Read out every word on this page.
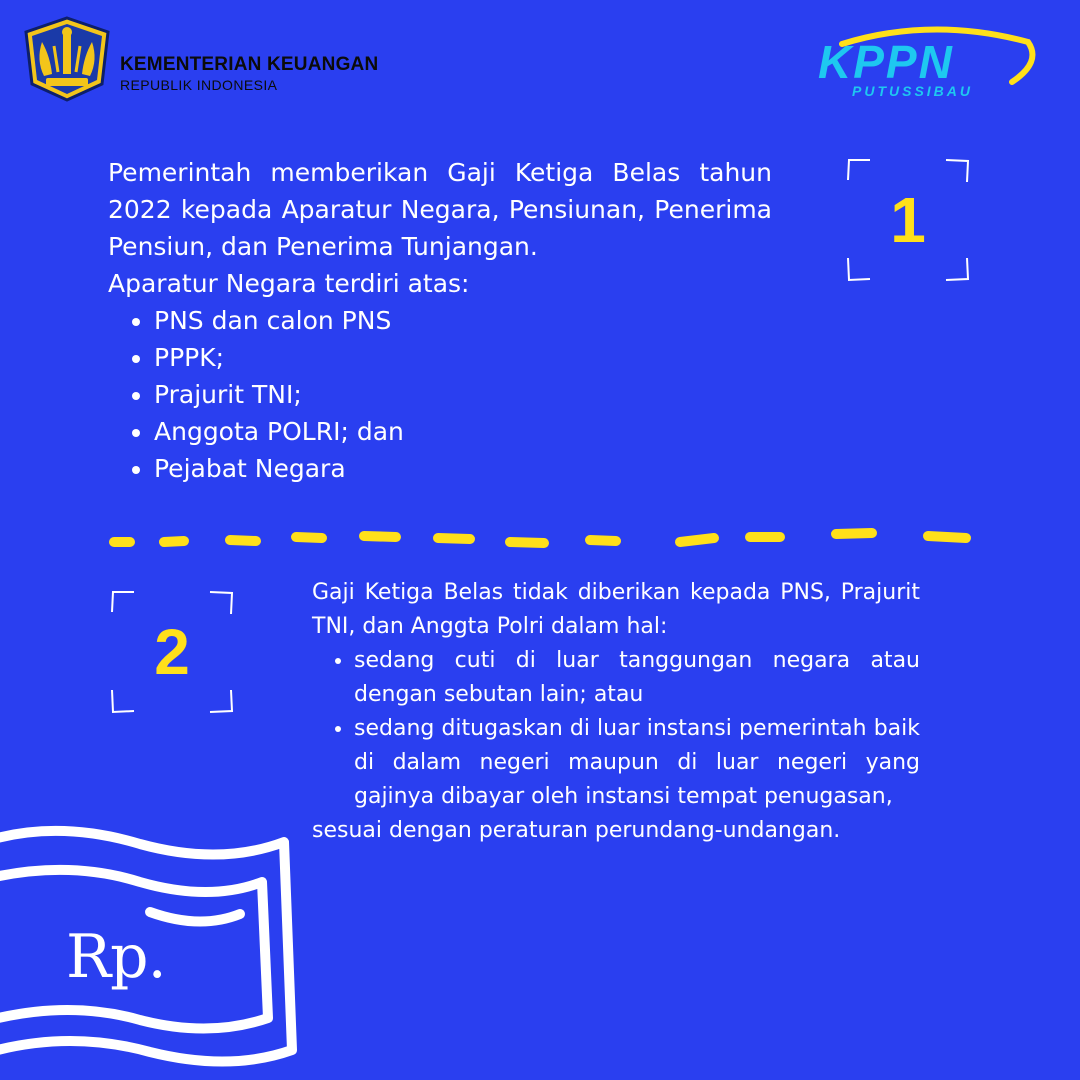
KEMENTERIAN KEUANGAN
REPUBLIK INDONESIA	KPPN
PUTUSSIBAU
Pemerintah memberikan Gaji Ketiga Belas tahun 2022 kepada Aparatur Negara, Pensiunan, Penerima Pensiun, dan Penerima Tunjangan.
Aparatur Negara terdiri atas:
• PNS dan calon PNS
• PPPK;
• Prajurit TNI;
• Anggota POLRI; dan
• Pejabat Negara
1
2
Gaji Ketiga Belas tidak diberikan kepada PNS, Prajurit TNI, dan Anggta Polri dalam hal:
• sedang cuti di luar tanggungan negara atau dengan sebutan lain; atau
• sedang ditugaskan di luar instansi pemerintah baik di dalam negeri maupun di luar negeri yang gajinya dibayar oleh instansi tempat penugasan,
sesuai dengan peraturan perundang-undangan.
Rp.
